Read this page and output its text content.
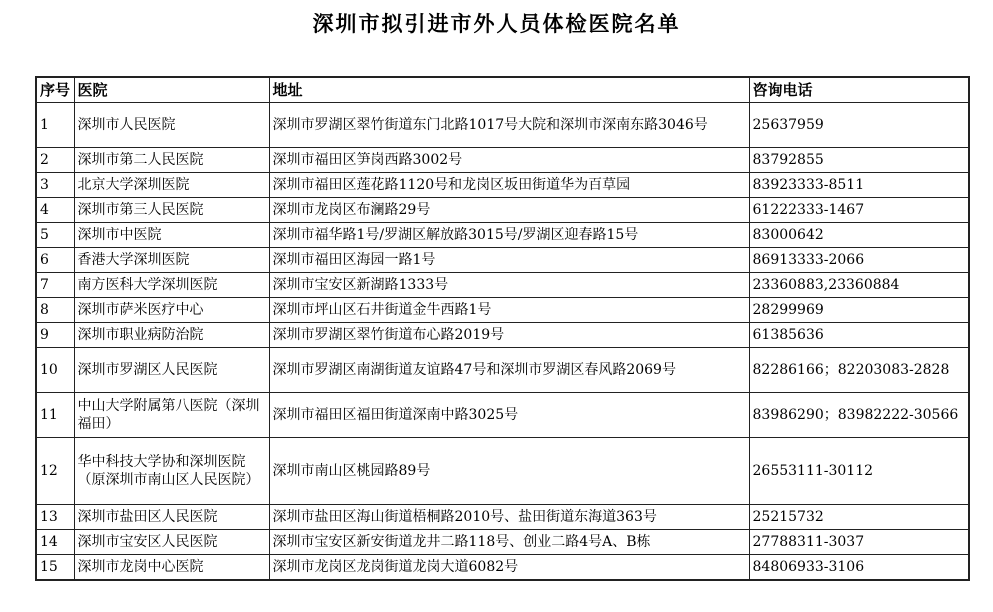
深圳市拟引进市外人员体检医院名单
序号	医院	地址	咨询电话
1	深圳市人民医院	深圳市罗湖区翠竹街道东门北路1017号大院和深圳市深南东路3046号	25637959
2	深圳市第二人民医院	深圳市福田区笋岗西路3002号	83792855
3	北京大学深圳医院	深圳市福田区莲花路1120号和龙岗区坂田街道华为百草园	83923333-8511
4	深圳市第三人民医院	深圳市龙岗区布澜路29号	61222333-1467
5	深圳市中医院	深圳市福华路1号/罗湖区解放路3015号/罗湖区迎春路15号	83000642
6	香港大学深圳医院	深圳市福田区海园一路1号	86913333-2066
7	南方医科大学深圳医院	深圳市宝安区新湖路1333号	23360883,23360884
8	深圳市萨米医疗中心	深圳市坪山区石井街道金牛西路1号	28299969
9	深圳市职业病防治院	深圳市罗湖区翠竹街道布心路2019号	61385636
10	深圳市罗湖区人民医院	深圳市罗湖区南湖街道友谊路47号和深圳市罗湖区春风路2069号	82286166；82203083-2828
11	中山大学附属第八医院（深圳福田）	深圳市福田区福田街道深南中路3025号	83986290；83982222-30566
12	华中科技大学协和深圳医院（原深圳市南山区人民医院）	深圳市南山区桃园路89号	26553111-30112
13	深圳市盐田区人民医院	深圳市盐田区海山街道梧桐路2010号、盐田街道东海道363号	25215732
14	深圳市宝安区人民医院	深圳市宝安区新安街道龙井二路118号、创业二路4号A、B栋	27788311-3037
15	深圳市龙岗中心医院	深圳市龙岗区龙岗街道龙岗大道6082号	84806933-3106
